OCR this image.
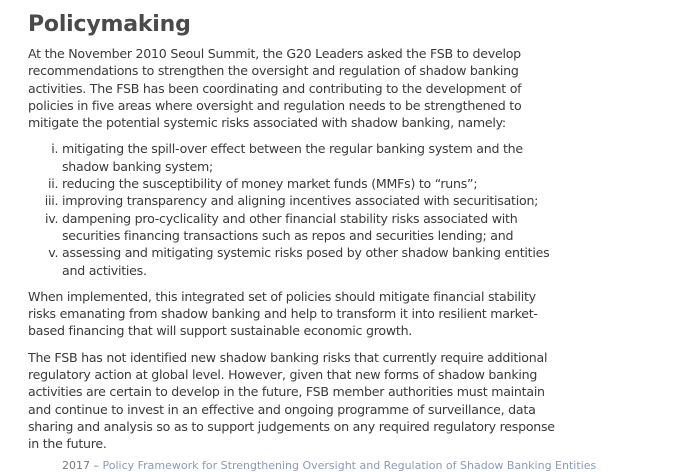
Policymaking

At the November 2010 Seoul Summit, the G20 Leaders asked the FSB to develop recommendations to strengthen the oversight and regulation of shadow banking activities. The FSB has been coordinating and contributing to the development of policies in five areas where oversight and regulation needs to be strengthened to mitigate the potential systemic risks associated with shadow banking, namely:

i. mitigating the spill-over effect between the regular banking system and the shadow banking system;
ii. reducing the susceptibility of money market funds (MMFs) to “runs”;
iii. improving transparency and aligning incentives associated with securitisation;
iv. dampening pro-cyclicality and other financial stability risks associated with securities financing transactions such as repos and securities lending; and
v. assessing and mitigating systemic risks posed by other shadow banking entities and activities.

When implemented, this integrated set of policies should mitigate financial stability risks emanating from shadow banking and help to transform it into resilient market-based financing that will support sustainable economic growth.

The FSB has not identified new shadow banking risks that currently require additional regulatory action at global level. However, given that new forms of shadow banking activities are certain to develop in the future, FSB member authorities must maintain and continue to invest in an effective and ongoing programme of surveillance, data sharing and analysis so as to support judgements on any required regulatory response in the future.

2017 – Policy Framework for Strengthening Oversight and Regulation of Shadow Banking Entities
